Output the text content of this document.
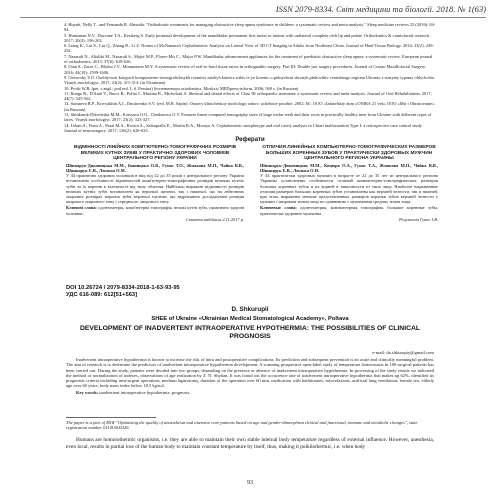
ISSN 2079-8334. Світ медицини та біології. 2018. № 1(63)

4. Huynh, Nelly T., and Fernanda R. Almeida. "Orthodontic treatments for managing obstructive sleep apnea syndrome in children: a systematic review and meta-analysis." Sleep medicine reviews 25 (2016): 84-94.

5. Huntsman N.V., Dorvane T.A., Kestberg S. Early postnatal development of the mandibular permanent first molar in infants with unilateral complete cleft lip and palate. Orthodontics & craniofacial research. 2017; 20(4): 196-203.

6. Liang K., Liu S., Liu Q., Zhang B., Li Z. Norms of McNamara's Cephalometric Analysis on Lateral View of 3D CT Imaging in Adults from Northeast China. Journal of Hard Tissue Biology. 2014; 23(2): 249-254.

7. Nazarali N., Altalibi M., Nazarali S., Major M.P., Flores-Mir C., Major P.W. Mandibular advancement appliances for the treatment of paediatric obstructive sleep apnea: a systematic review. European journal of orthodontics. 2015; 37(6): 618-626.

8. Oian S., Zaror C., Blytho J.V., Mommaerts M.Y. A systematic review of soft-to-hard tissue ratios in orthognathic surgery. Part III: Double jaw surgery procedures. Journal of Cranio-Maxillofacial Surgery. 2016; 44(10): 1599-1606.

9. Ozhovsky V.O. Osoblyvosti kutypich kompyuterno-tomografichnykh rozmiriv mizhyh kutnics zubiv te yo korenic u pidnyzhcni skronyh pluhovikiv centralnogo regionu Ukraniy z riznymy typamy oblychchia. Visnyk morfologiyi. 2017; 23(2): 311-314. (in Ukrainian)

10. Profit W.R. (per. s angl.; pod red. L.S. Persina) Sovremennaya ortodontiya. Moskva: MEDpress-inform, 2006; 560 s. (in Russian)

11. Rongo R., D'Antò V., Bucci R., Polito I., Martina R., Michelotti A. Skeletal and dental effects of Class III orthopaedic treatment: a systematic review and meta-analysis. Journal of Oral Rehabilitation. 2017; 44(7): 545-562.

12. Sarnaeva R.P., Krivyakhin A.I., Dmitrienko S.V. (red. M.R. Sapin). Osnovy klinicheskoy morfologii zubov: uchebnoe posobie. 2002; M.: OOO «Izdatelskiy dom «ONIKS 21 vek» OOO «Mir i Obrazovanie». (in Russian)

13. Shinkaruk-Dikovitska M.M., Kotsyura O.O., Chetkasova O.V. Features linear computed tomography sizes of large molar teeth and their roots in practically healthy men from Ukraine with different types of faces. Visnyk morfologiyi. 2017; 23(2): 323-327.

14. Urban A., Furst A., Parai M.A., Rovira A., Saltaquallo E., Martin R.A., Morayo A. Cephalometric morphotype and oral cavity analysis in Chiari malformation Type I: a retrospective case control study. Journal of neurosurgery. 2017; 126(2): 626-633.

Реферати
ВІДМІННОСТІ ЛІНІЙНИХ КОМП'ЮТЕРНО-ТОМОГРАФІЧНИХ РОЗМІРІВ ВЕЛИКИХ КУТНІХ ЗУБІВ У ПРАКТИЧНО ЗДОРОВИХ ЧОЛОВІКІВ ЦЕНТРАЛЬНОГО РЕГІОНУ УКРАЇНИ

Шінкарук-Диковицька М.М., Іваницька О.В., Гунас Т.О., Жмакова М.П., Чайка В.В., Шинкарук Є.В., Люлька О.М.

У 44 практично здорових чоловіків в віці від 22 до 35 років з центрального регіону України встановлено особливості відмінностей комп'ютерно-томографічних розмірів великих кутніх зубів та їх коренів в залежності від типу обличчя. Найбільш виражені відмінності розмірів великих кутніх зубів встановлено як верхньої щелепи, так і нижньої, що на лейтонних лицьових розмірах коронок зубів верхньої щелепи, що відрізняють досліджувані розміри широкого лицьового типу і середнього лицьового типу.

Ключові слова: одонтометрія, комп'ютерна томографія, великі кутні зуби, практично здорові чоловіки.

Стаття надійшла 2.11.2017 р.

ОТЛИЧИЯ ЛИНЕЙНЫХ КОМПЬЮТЕРНО-ТОМОГРАФИЧЕСКИХ РАЗМЕРОВ БОЛЬШИХ КОРЕННЫХ ЗУБОВ У ПРАКТИЧЕСКИ ЗДОРОВЫХ МУЖЧИН ЦЕНТРАЛЬНОГО РЕГИОНА УКРАИНЫ

Шинкарук-Диковицкая М.М., Коцюра О.А., Гунас Т.А., Жмакова М.П., Чайка В.В., Шинкарук Е.В., Люлька О.Н.

У 44 практически здоровых мужчин в возрасте от 22 до 35 лет из центрального региона Украины установлены особенности отличий компьютерно-томографических размеров больших коренных зубов и их корней в зависимости от типа лица. Наиболее выраженные отличия размеров больших коренных зубов установлены как верхней челюсти, так и нижней, при этом, выражены меньше представленных размеров коронки зубов верхней челюсти у мужчин с широким типом лица по сравнению с мужчинами средних типов лица.

Ключевые слова: одонтометрия, компьютерная томография, большие коренные зубы, практически здоровые мужчины.

Рецензент Гунас І.В.

DOI 10.26724 / 2079-8334-2018-1-63-93-95
УДС 616-089: 612[51+563]
D. Shkurupii
SHEE of Ukraine «Ukrainian Medical Stomatological Academy», Poltava
DEVELOPMENT OF INADVERTENT INTRAOPERATIVE HYPOTHERMIA: THE POSSIBILITIES OF CLINICAL PROGNOSIS
e-mail: da.shkurupiy@gmail.com

Inadvertent intraoperative hypothermia is known to increase the risk of intra and postoperative complications. Its prediction and subsequent prevention is an acute and clinically meaningful problem. The aim of research is to determine the predictors of inadvertent intraoperative hypothermia development. A scanning prospective open-label study of temperature homeostasis in 100 surgical patients has been carried out. During the study, patients were divided into two groups, depending on the presence or absence of inadvertent intraoperative hypothermia. In processing of the study results we indicated the method of normalization of indexes, observations of age realization by Z. N. Shyhan. It was found out the occurrence rate of inadvertent intraoperative hypothermia that makes up 62%, identified its prognostic criteria including time-urgent operations, medium laparotomy, duration of the operation over 60 min, medication with barbiturates, myorelaxants, artificial lung ventilation, female sex, elderly age over 60 years, body mass index below 18.5 kg/m2.

Key words: inadvertent intraoperative hypothermia, prognosis.

The paper is a part of RSW "Optimizing the quality of anaesthesia and intensive care patients based on age and gender-dimorphism clinical and functional, immune and metabolic changes", state registration number 0114U000326.

Humans are homoiothermic organisms, i.e. they are able to maintain their own stable internal body temperature regardless of external influence. However, anesthesia, even local, results in partial loss of the human body to maintain constant temperature by itself, thus, making it poikilothermic, i.e. when body

93
